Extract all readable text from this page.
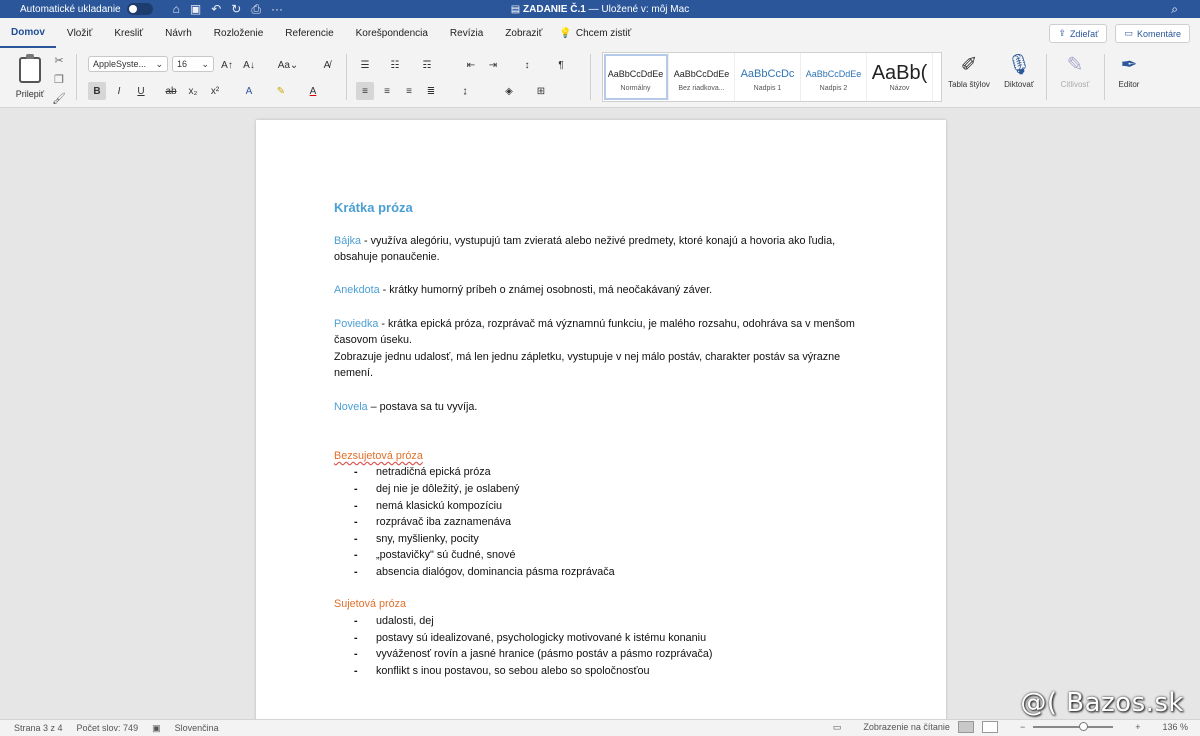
Automatické ukladanie	⌂ ▣ ↶ ↻ ⎙ ···	▤ ZADANIE Č.1 — Uložené v: môj Mac	⌕
Domov	Vložiť	Kresliť	Návrh	Rozloženie	Referencie	Korešpondencia	Revízia	Zobraziť	💡 Chcem zistiť	⇪ Zdieľať	▭ Komentáre
Prilepiť
✂
❐
🖌
AppleSyste... ⌄ 16 ⌄	A↑	A↓	Aa⌄	A̸
B	I	U	ab	x₂	x²	A	✎	A
☰	☷	☶	⇤	⇥	↕	¶
≡	≡	≡	≣	↨	◈	⊞
AaBbCcDdEe
Normálny
AaBbCcDdEe
Bez riadkova...
AaBbCcDc
Nadpis 1
AaBbCcDdEe
Nadpis 2
AaBb(
Názov
✐
Tabla štýlov
🎙
Diktovať
✎
Citlivosť
✒
Editor
Krátka próza
Bájka - využíva alegóriu, vystupujú tam zvieratá alebo neživé predmety, ktoré konajú a hovoria ako ľudia, obsahuje ponaučenie.
Anekdota - krátky humorný príbeh o známej osobnosti, má neočakávaný záver.
Poviedka - krátka epická próza, rozprávač má významnú funkciu, je malého rozsahu, odohráva sa v menšom časovom úseku.
Zobrazuje jednu udalosť, má len jednu zápletku, vystupuje v nej málo postáv, charakter postáv sa výrazne nemení.
Novela – postava sa tu vyvíja.
Bezsujetová próza
- netradičná epická próza
- dej nie je dôležitý, je oslabený
- nemá klasickú kompozíciu
- rozprávač iba zaznamenáva
- sny, myšlienky, pocity
- „postavičky" sú čudné, snové
- absencia dialógov, dominancia pásma rozprávača
Sujetová próza
- udalosti, dej
- postavy sú idealizované, psychologicky motivované k istému konaniu
- vyváženosť rovín a jasné hranice (pásmo postáv a pásmo rozprávača)
- konflikt s inou postavou, so sebou alebo so spoločnosťou
Strana 3 z 4 Počet slov: 749 ▣ Slovenčina	▭ Zobrazenie na čítanie	−	+ 136 %
@( Bazos.sk
